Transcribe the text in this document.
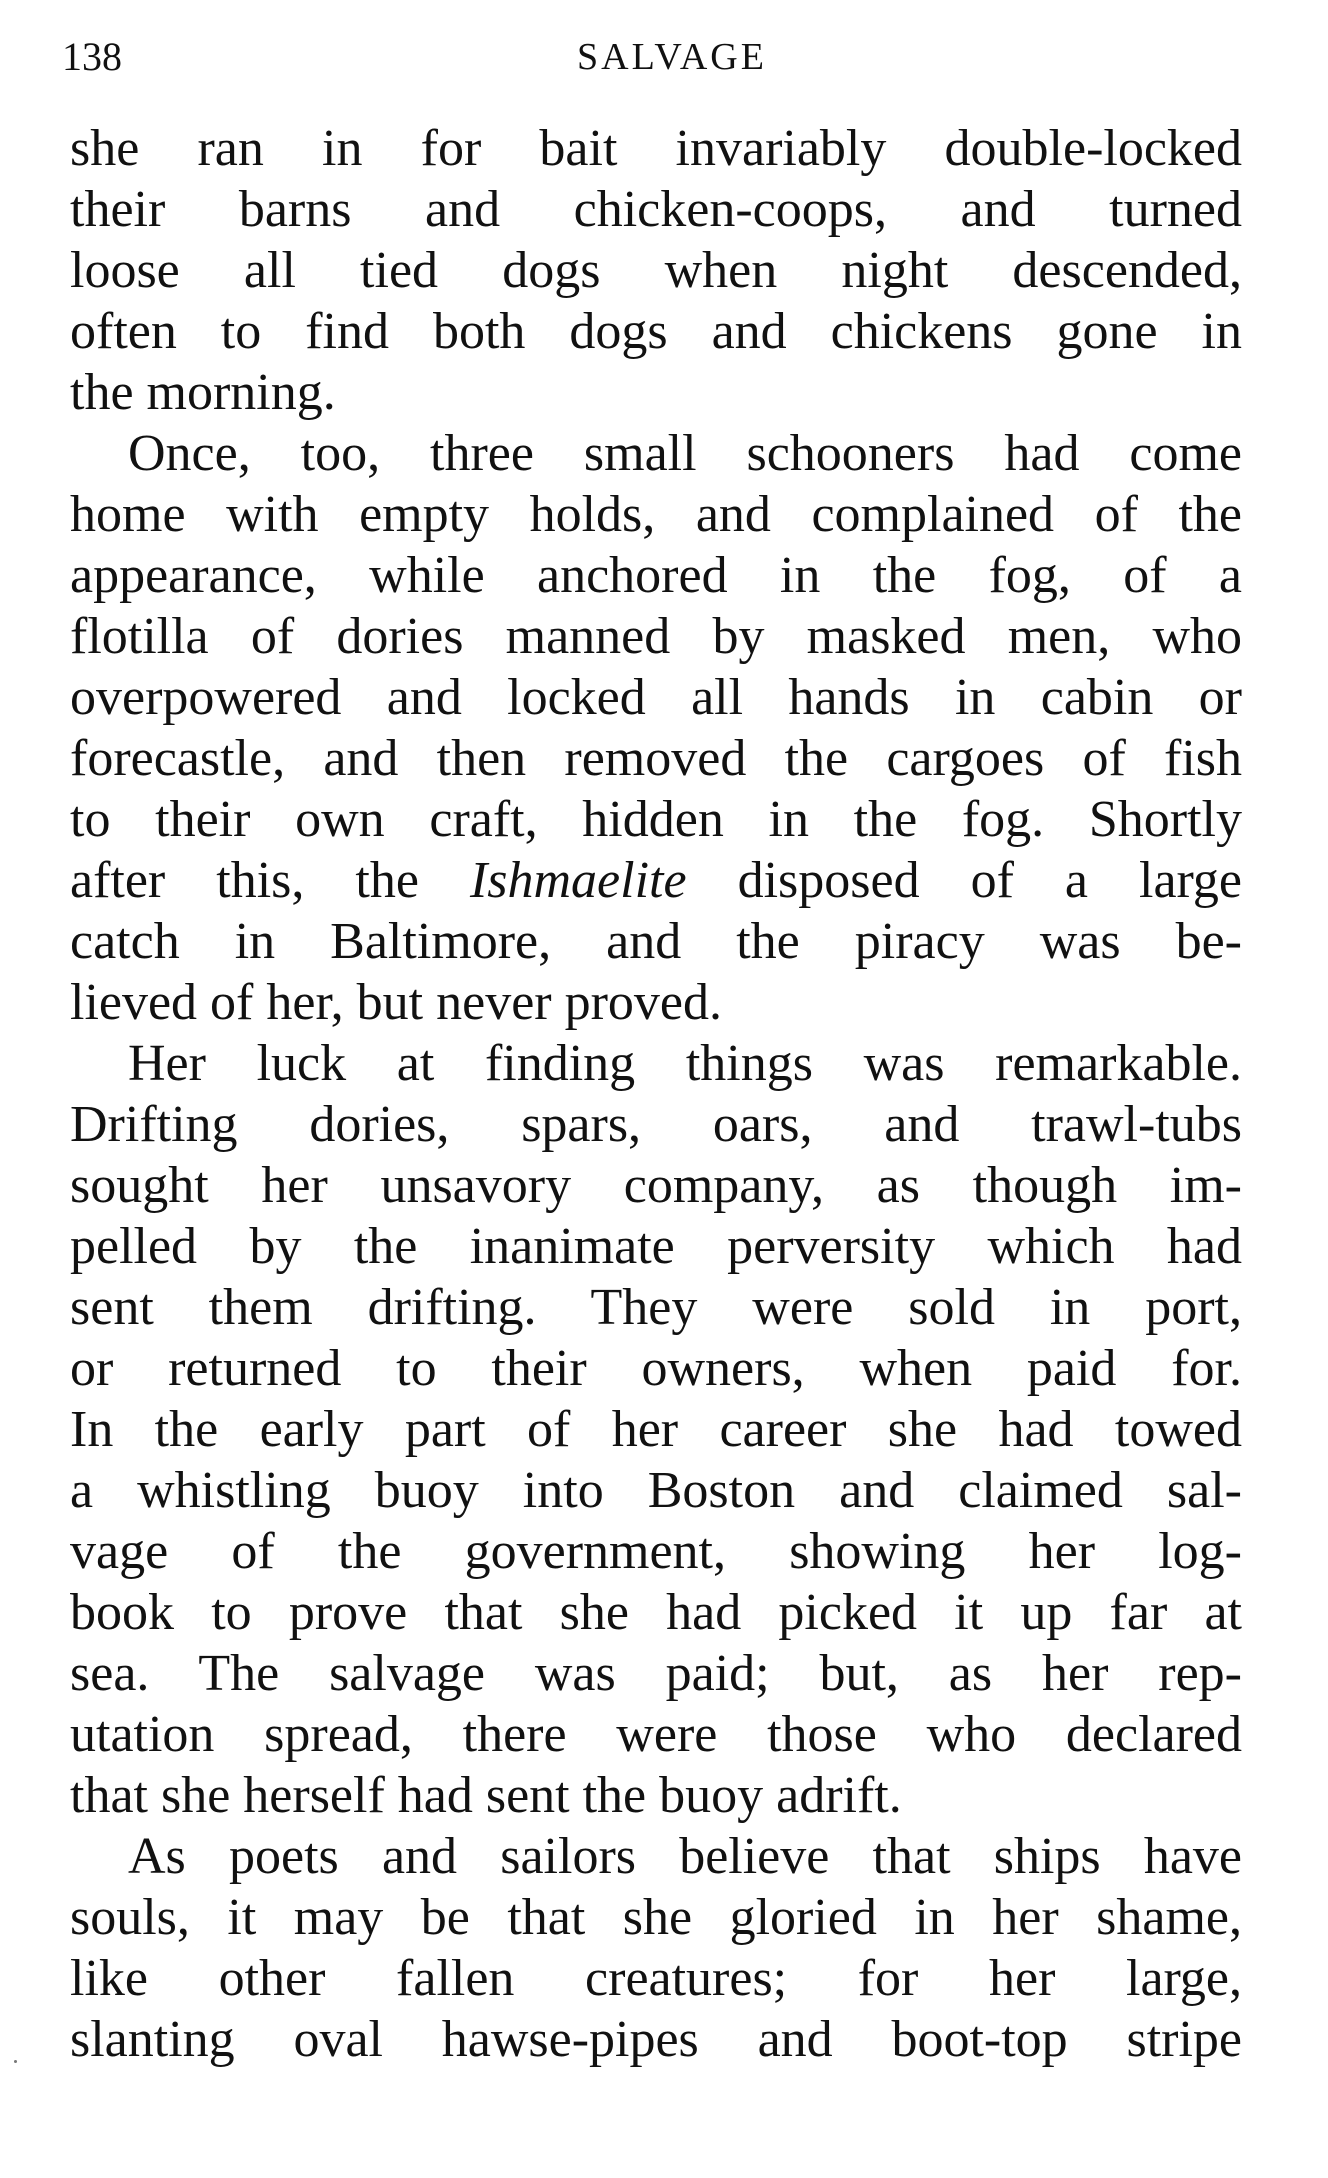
138	SALVAGE
she ran in for bait invariably double-locked
their barns and chicken-coops, and turned
loose all tied dogs when night descended,
often to find both dogs and chickens gone in
the morning.
Once, too, three small schooners had come
home with empty holds, and complained of the
appearance, while anchored in the fog, of a
flotilla of dories manned by masked men, who
overpowered and locked all hands in cabin or
forecastle, and then removed the cargoes of fish
to their own craft, hidden in the fog. Shortly
after this, the Ishmaelite disposed of a large
catch in Baltimore, and the piracy was be-
lieved of her, but never proved.
Her luck at finding things was remarkable.
Drifting dories, spars, oars, and trawl-tubs
sought her unsavory company, as though im-
pelled by the inanimate perversity which had
sent them drifting. They were sold in port,
or returned to their owners, when paid for.
In the early part of her career she had towed
a whistling buoy into Boston and claimed sal-
vage of the government, showing her log-
book to prove that she had picked it up far at
sea. The salvage was paid; but, as her rep-
utation spread, there were those who declared
that she herself had sent the buoy adrift.
As poets and sailors believe that ships have
souls, it may be that she gloried in her shame,
like other fallen creatures; for her large,
slanting oval hawse-pipes and boot-top stripe
